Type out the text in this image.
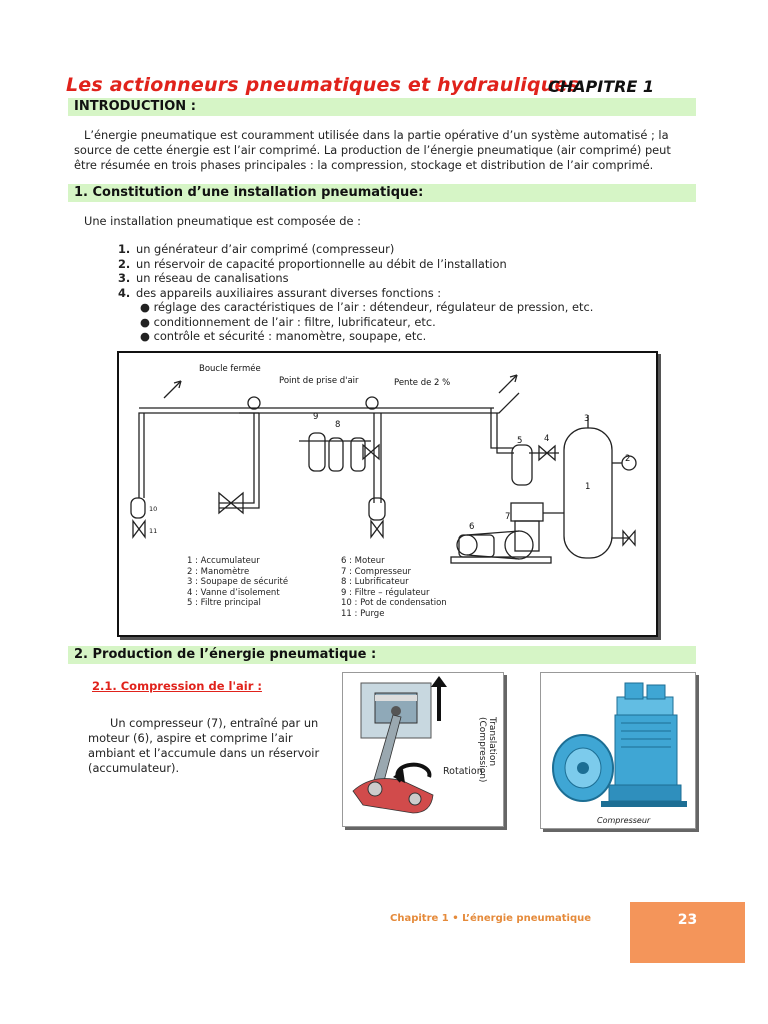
Les actionneurs pneumatiques et hydrauliques
CHAPITRE 1
INTRODUCTION :
L’énergie pneumatique est couramment utilisée dans la partie opérative d’un système automatisé ; la
source de cette énergie est l’air comprimé. La production de l’énergie pneumatique (air comprimé) peut
être résumée en trois phases principales : la compression, stockage et distribution de l’air comprimé.
1. Constitution d’une installation pneumatique:
Une installation pneumatique est composée de :
1. un générateur d’air comprimé (compresseur)
2. un réservoir de capacité proportionnelle au débit de l’installation
3. un réseau de canalisations
4. des appareils auxiliaires assurant diverses fonctions :
● réglage des caractéristiques de l’air : détendeur, régulateur de pression, etc.
● conditionnement de l’air : filtre, lubrificateur, etc.
● contrôle et sécurité : manomètre, soupape, etc.
Boucle fermée
Point de prise d'air	Pente de 2 %
9
8
5	4
3
2
1
7
6
10
11
1 : Accumulateur
2 : Manomètre
3 : Soupape de sécurité
4 : Vanne d’isolement
5 : Filtre principal
6 : Moteur
7 : Compresseur
8 : Lubrificateur
9 : Filtre – régulateur
10 : Pot de condensation
11 : Purge
2. Production de l’énergie pneumatique :
2.1. Compression de l'air :
Un compresseur (7), entraîné par un
moteur (6), aspire et comprime l’air
ambiant et l’accumule dans un réservoir
(accumulateur).
Translation
(Compression)
Rotation
Compresseur
Chapitre 1 • L’énergie pneumatique	23
